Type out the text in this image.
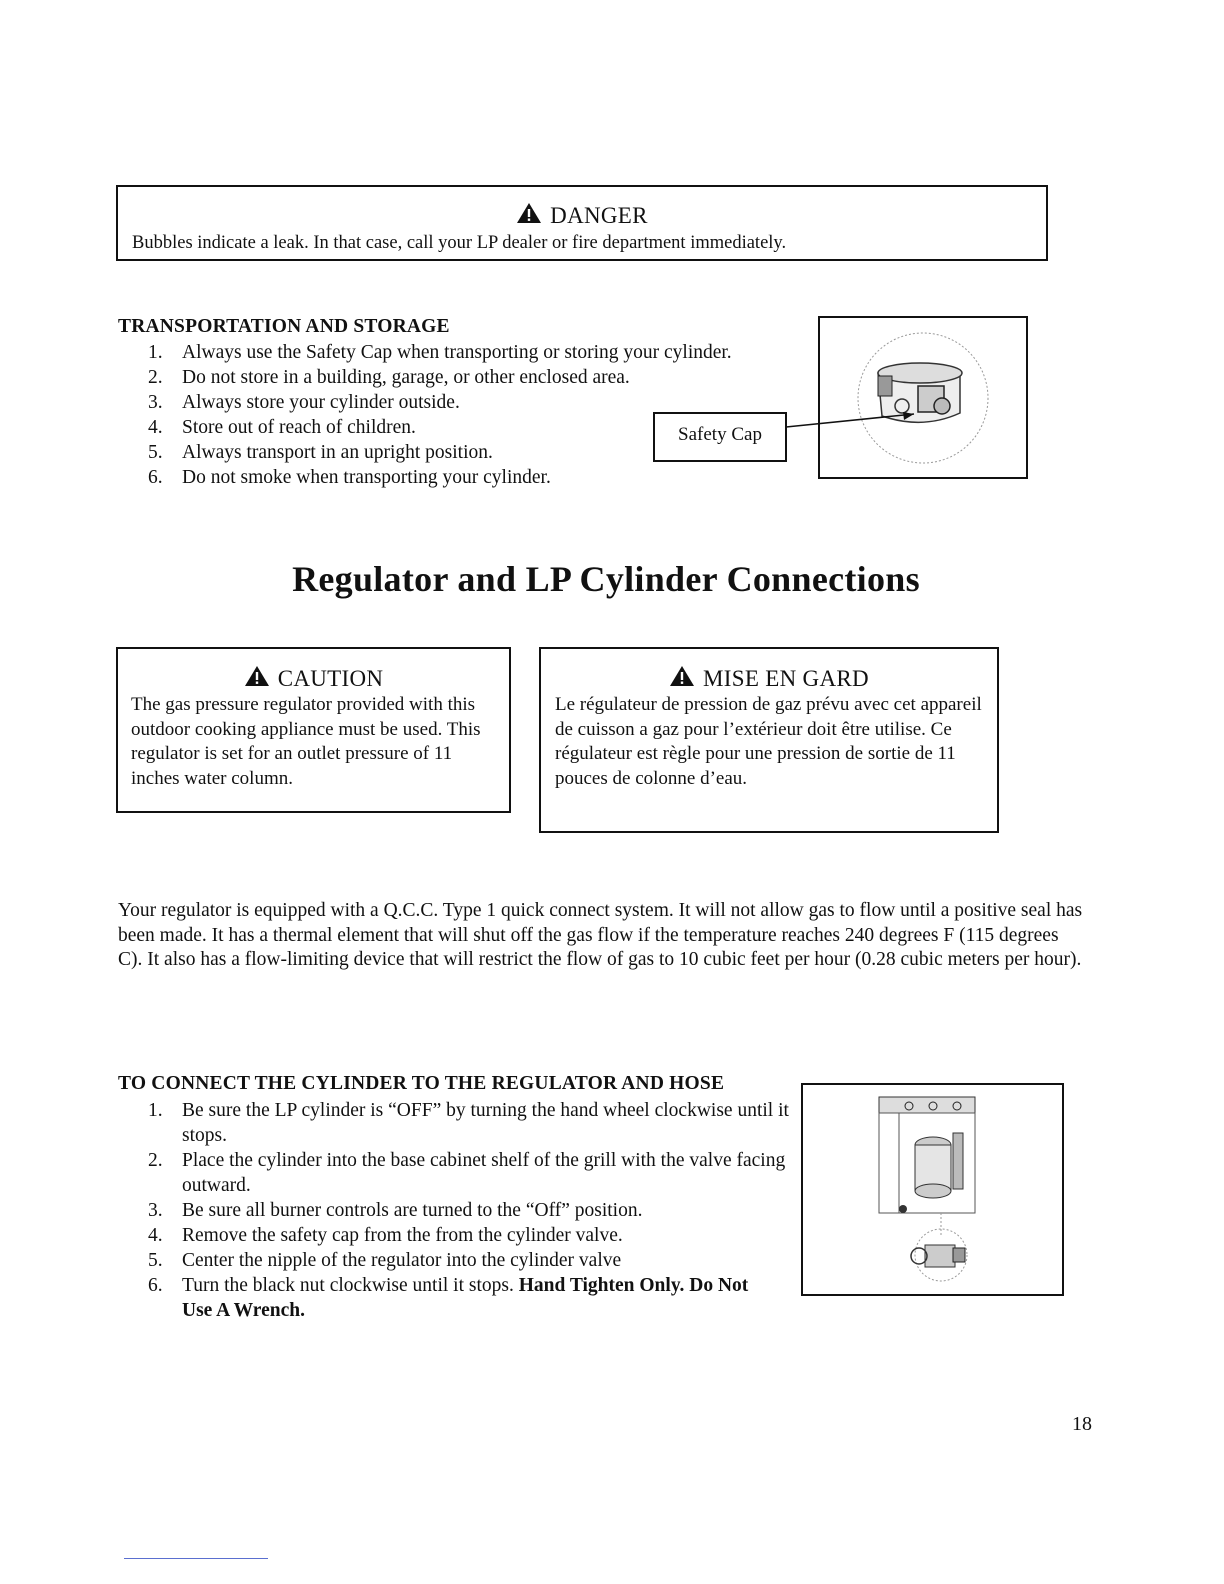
DANGER
Bubbles indicate a leak. In that case, call your LP dealer or fire department immediately.
TRANSPORTATION AND STORAGE
1. Always use the Safety Cap when transporting or storing your cylinder.
2. Do not store in a building, garage, or other enclosed area.
3. Always store your cylinder outside.
4. Store out of reach of children.
5. Always transport in an upright position.
6. Do not smoke when transporting your cylinder.
Safety Cap
Regulator and LP Cylinder Connections
CAUTION
The gas pressure regulator provided with this outdoor cooking appliance must be used. This regulator is set for an outlet pressure of 11 inches water column.
MISE EN GARD
Le régulateur de pression de gaz prévu avec cet appareil de cuisson a gaz pour l’extérieur doit être utilise. Ce régulateur est règle pour une pression de sortie de 11 pouces de colonne d’eau.
Your regulator is equipped with a Q.C.C. Type 1 quick connect system. It will not allow gas to flow until a positive seal has been made. It has a thermal element that will shut off the gas flow if the temperature reaches 240 degrees F (115 degrees C). It also has a flow-limiting device that will restrict the flow of gas to 10 cubic feet per hour (0.28 cubic meters per hour).
TO CONNECT THE CYLINDER TO THE REGULATOR AND HOSE
1. Be sure the LP cylinder is “OFF” by turning the hand wheel clockwise until it stops.
2. Place the cylinder into the base cabinet shelf of the grill with the valve facing outward.
3. Be sure all burner controls are turned to the “Off” position.
4. Remove the safety cap from the from the cylinder valve.
5. Center the nipple of the regulator into the cylinder valve
6. Turn the black nut clockwise until it stops. Hand Tighten Only. Do Not Use A Wrench.
18
